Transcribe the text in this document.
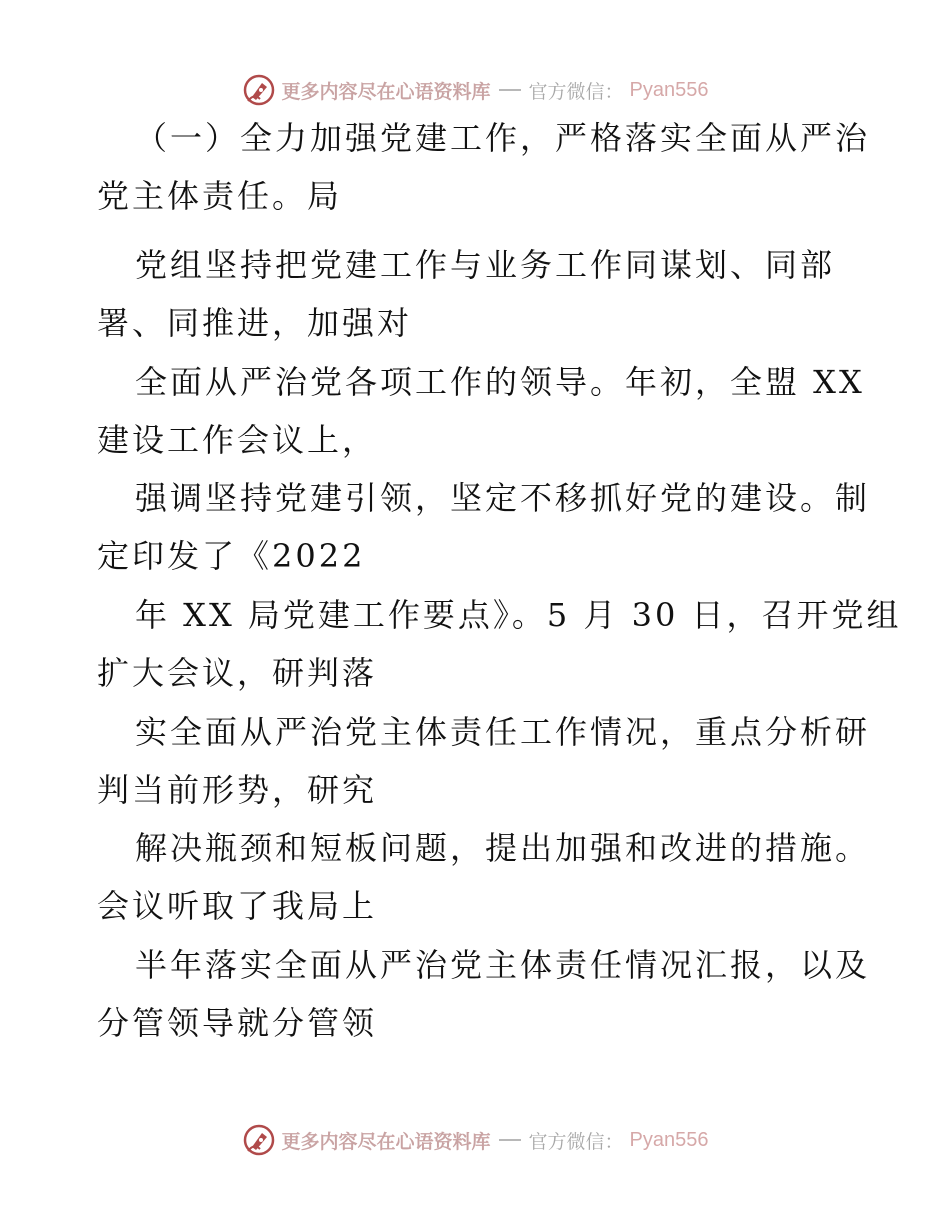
更多内容尽在心语资料库 官方微信： Pyan556
（一）全力加强党建工作，严格落实全面从严治
党主体责任。局
党组坚持把党建工作与业务工作同谋划、同部
署、同推进，加强对
全面从严治党各项工作的领导。年初，全盟 XX
建设工作会议上，
强调坚持党建引领，坚定不移抓好党的建设。制
定印发了《2022
年 XX 局党建工作要点》。5 月 30 日，召开党组
扩大会议，研判落
实全面从严治党主体责任工作情况，重点分析研
判当前形势，研究
解决瓶颈和短板问题，提出加强和改进的措施。
会议听取了我局上
半年落实全面从严治党主体责任情况汇报，以及
分管领导就分管领
更多内容尽在心语资料库 官方微信： Pyan556
